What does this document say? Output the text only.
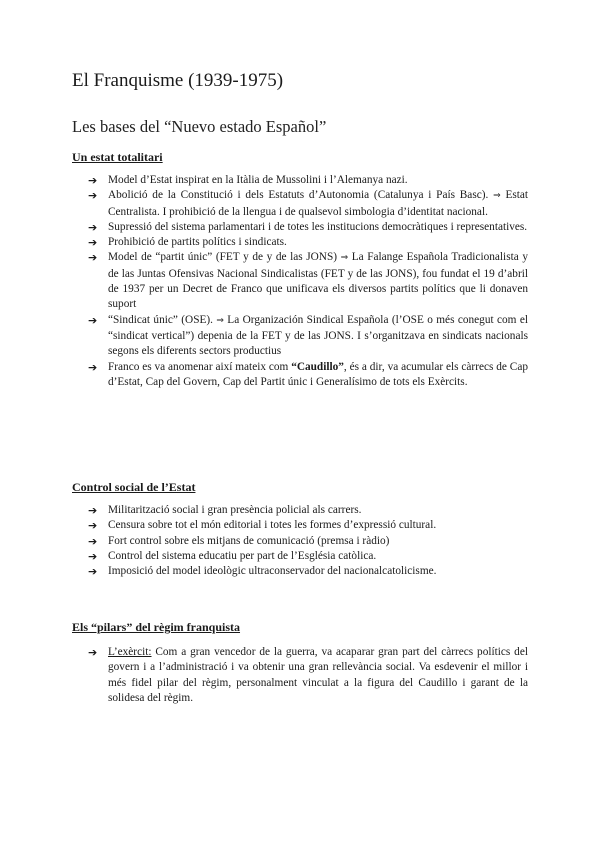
El Franquisme (1939-1975)
Les bases del “Nuevo estado Español”
Un estat totalitari
➔ Model d’Estat inspirat en la Itàlia de Mussolini i l’Alemanya nazi.
➔ Abolició de la Constitució i dels Estatuts d’Autonomia (Catalunya i País Basc). ⇒ Estat Centralista. I prohibició de la llengua i de qualsevol simbologia d’identitat nacional.
➔ Supressió del sistema parlamentari i de totes les institucions democràtiques i representatives.
➔ Prohibició de partits polítics i sindicats.
➔ Model de “partit únic” (FET y de y de las JONS) ⇒ La Falange Española Tradicionalista y de las Juntas Ofensivas Nacional Sindicalistas (FET y de las JONS), fou fundat el 19 d’abril de 1937 per un Decret de Franco que unificava els diversos partits polítics que li donaven suport
➔ “Sindicat únic” (OSE). ⇒ La Organización Sindical Española (l’OSE o més conegut com el “sindicat vertical”) depenia de la FET y de las JONS. I s’organitzava en sindicats nacionals segons els diferents sectors productius
➔ Franco es va anomenar així mateix com “Caudillo”, és a dir, va acumular els càrrecs de Cap d’Estat, Cap del Govern, Cap del Partit únic i Generalísimo de tots els Exèrcits.
Control social de l’Estat
➔ Militarització social i gran presència policial als carrers.
➔ Censura sobre tot el món editorial i totes les formes d’expressió cultural.
➔ Fort control sobre els mitjans de comunicació (premsa i ràdio)
➔ Control del sistema educatiu per part de l’Església catòlica.
➔ Imposició del model ideològic ultraconservador del nacionalcatolicisme.
Els “pilars” del règim franquista
➔ L’exèrcit: Com a gran vencedor de la guerra, va acaparar gran part del càrrecs polítics del govern i a l’administració i va obtenir una gran rellevància social. Va esdevenir el millor i més fidel pilar del règim, personalment vinculat a la figura del Caudillo i garant de la solidesa del règim.
